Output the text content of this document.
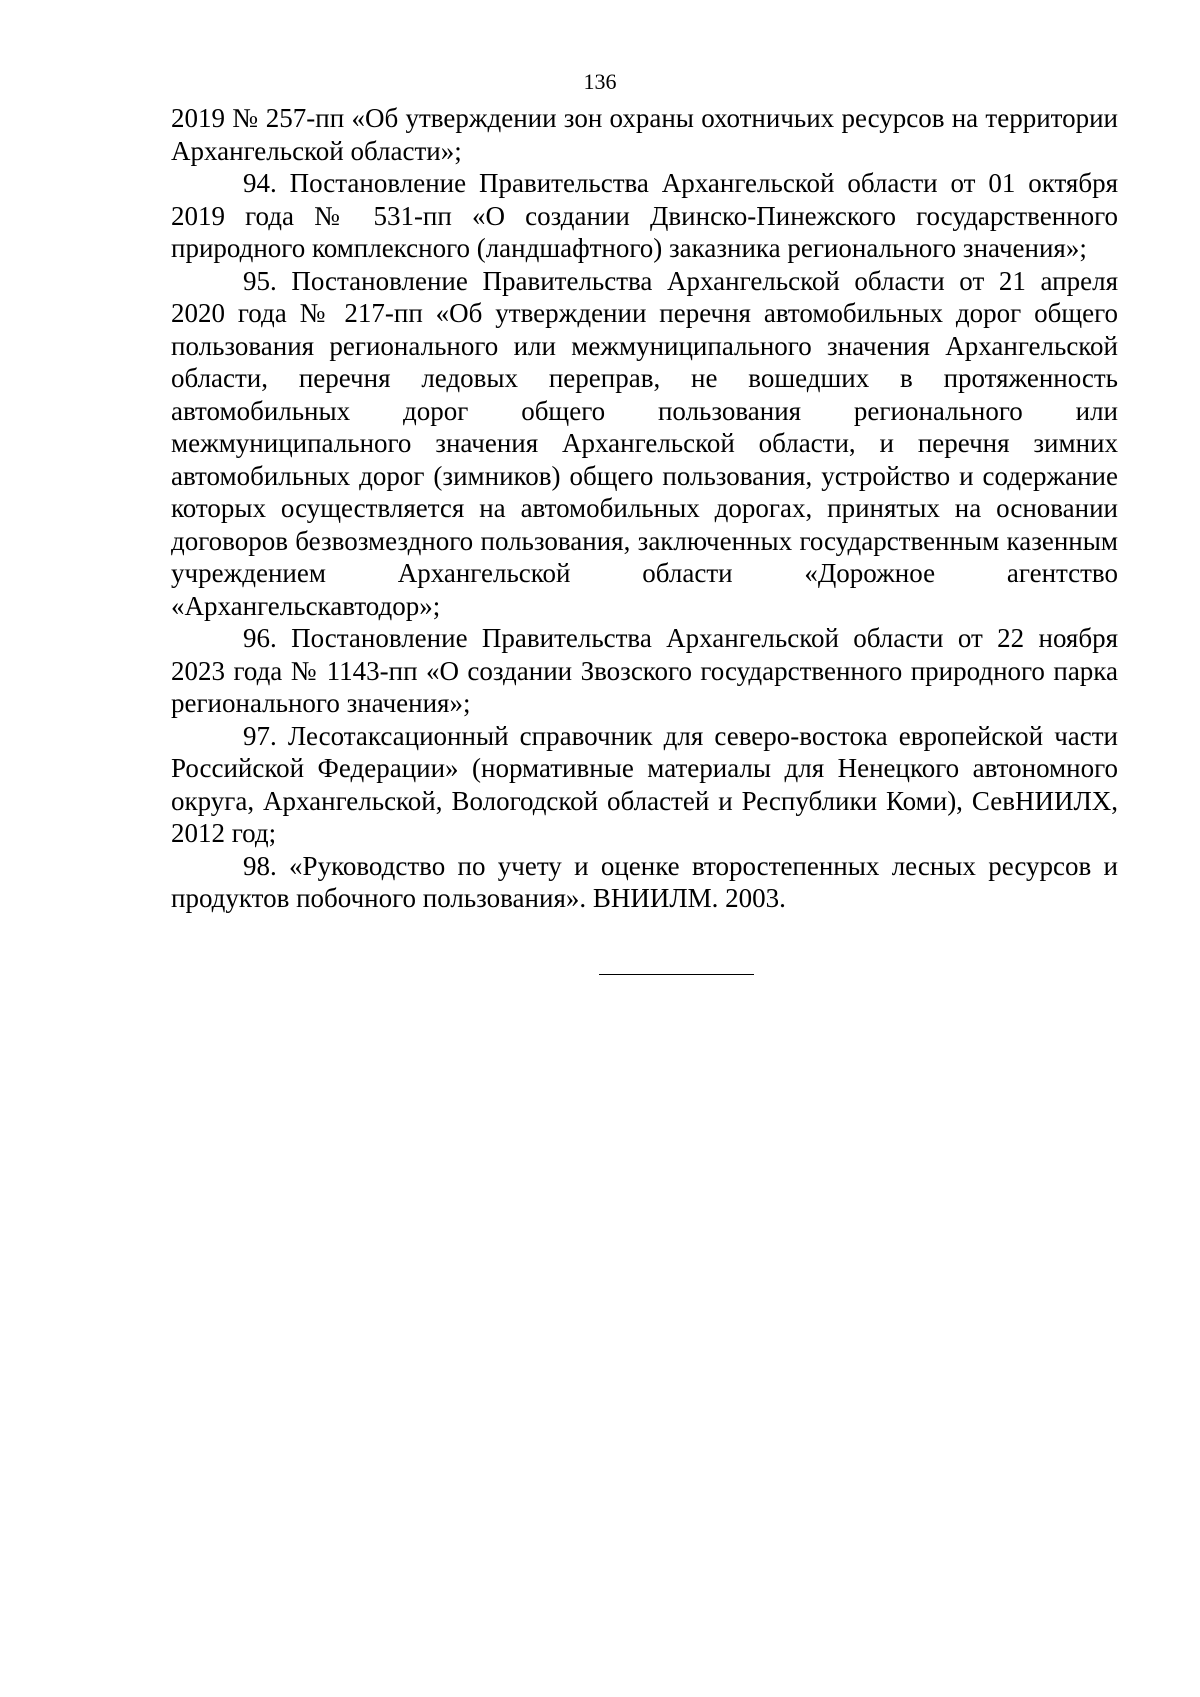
136

2019 № 257-пп «Об утверждении зон охраны охотничьих ресурсов на территории Архангельской области»;

94. Постановление Правительства Архангельской области от 01 октября 2019 года № 531-пп «О создании Двинско-Пинежского государственного природного комплексного (ландшафтного) заказника регионального значения»;

95. Постановление Правительства Архангельской области от 21 апреля 2020 года № 217-пп «Об утверждении перечня автомобильных дорог общего пользования регионального или межмуниципального значения Архангельской области, перечня ледовых переправ, не вошедших в протяженность автомобильных дорог общего пользования регионального или межмуниципального значения Архангельской области, и перечня зимних автомобильных дорог (зимников) общего пользования, устройство и содержание которых осуществляется на автомобильных дорогах, принятых на основании договоров безвозмездного пользования, заключенных государственным казенным учреждением Архангельской области «Дорожное агентство «Архангельскавтодор»;

96. Постановление Правительства Архангельской области от 22 ноября 2023 года № 1143-пп «О создании Звозского государственного природного парка регионального значения»;

97. Лесотаксационный справочник для северо-востока европейской части Российской Федерации» (нормативные материалы для Ненецкого автономного округа, Архангельской, Вологодской областей и Республики Коми), СевНИИЛХ, 2012 год;

98. «Руководство по учету и оценке второстепенных лесных ресурсов и продуктов побочного пользования». ВНИИЛМ. 2003.
